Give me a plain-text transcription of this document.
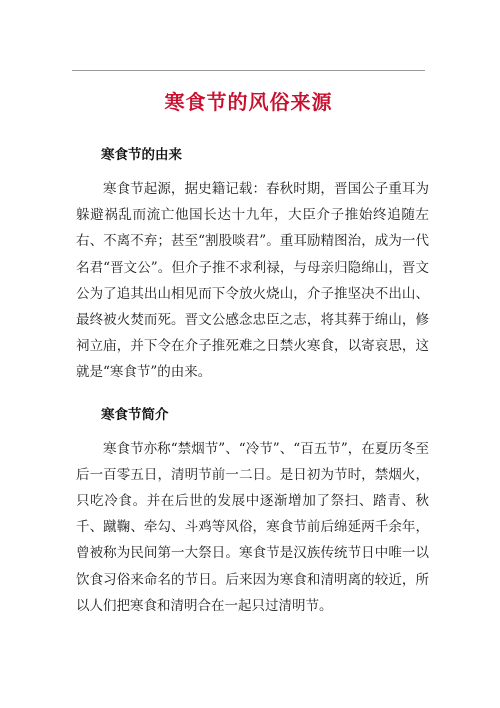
寒食节的风俗来源
寒食节的由来

寒食节起源，据史籍记载：春秋时期，晋国公子重耳为躲避祸乱而流亡他国长达十九年，大臣介子推始终追随左右、不离不弃；甚至“割股啖君”。重耳励精图治，成为一代名君“晋文公”。但介子推不求利禄，与母亲归隐绵山，晋文公为了追其出山相见而下令放火烧山，介子推坚决不出山、最终被火焚而死。晋文公感念忠臣之志，将其葬于绵山，修祠立庙，并下令在介子推死难之日禁火寒食，以寄哀思，这就是“寒食节”的由来。

寒食节简介

寒食节亦称“禁烟节”、“冷节”、“百五节”，在夏历冬至后一百零五日，清明节前一二日。是日初为节时，禁烟火，只吃冷食。并在后世的发展中逐渐增加了祭扫、踏青、秋千、蹴鞠、牵勾、斗鸡等风俗，寒食节前后绵延两千余年，曾被称为民间第一大祭日。寒食节是汉族传统节日中唯一以饮食习俗来命名的节日。后来因为寒食和清明离的较近，所以人们把寒食和清明合在一起只过清明节。
